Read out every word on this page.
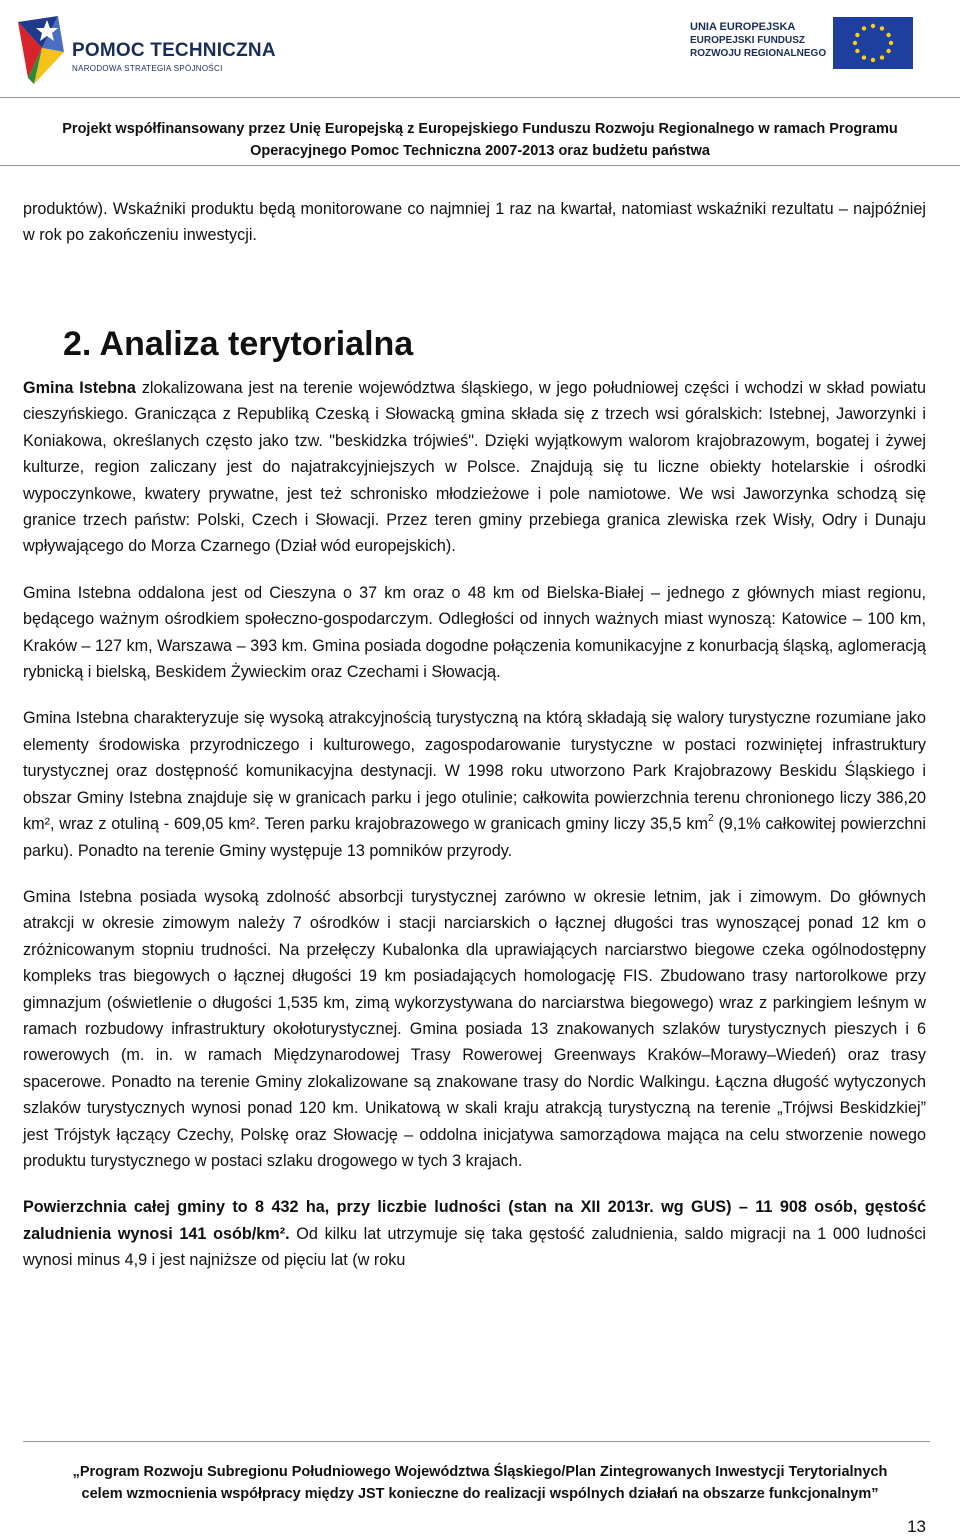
POMOC TECHNICZNA
NARODOWA STRATEGIA SPÓJNOŚCI
UNIA EUROPEJSKA
EUROPEJSKI FUNDUSZ
ROZWOJU REGIONALNEGO
Projekt współfinansowany przez Unię Europejską z Europejskiego Funduszu Rozwoju Regionalnego w ramach Programu
Operacyjnego Pomoc Techniczna 2007-2013 oraz budżetu państwa

produktów). Wskaźniki produktu będą monitorowane co najmniej 1 raz na kwartał, natomiast wskaźniki rezultatu – najpóźniej w rok po zakończeniu inwestycji.

2. Analiza terytorialna

Gmina Istebna zlokalizowana jest na terenie województwa śląskiego, w jego południowej części i wchodzi w skład powiatu cieszyńskiego. Granicząca z Republiką Czeską i Słowacką gmina składa się z trzech wsi góralskich: Istebnej, Jaworzynki i Koniakowa, określanych często jako tzw. "beskidzka trójwieś". Dzięki wyjątkowym walorom krajobrazowym, bogatej i żywej kulturze, region zaliczany jest do najatrakcyjniejszych w Polsce. Znajdują się tu liczne obiekty hotelarskie i ośrodki wypoczynkowe, kwatery prywatne, jest też schronisko młodzieżowe i pole namiotowe. We wsi Jaworzynka schodzą się granice trzech państw: Polski, Czech i Słowacji. Przez teren gminy przebiega granica zlewiska rzek Wisły, Odry i Dunaju wpływającego do Morza Czarnego (Dział wód europejskich).

Gmina Istebna oddalona jest od Cieszyna o 37 km oraz o 48 km od Bielska-Białej – jednego z głównych miast regionu, będącego ważnym ośrodkiem społeczno-gospodarczym. Odległości od innych ważnych miast wynoszą: Katowice – 100 km, Kraków – 127 km, Warszawa – 393 km. Gmina posiada dogodne połączenia komunikacyjne z konurbacją śląską, aglomeracją rybnicką i bielską, Beskidem Żywieckim oraz Czechami i Słowacją.

Gmina Istebna charakteryzuje się wysoką atrakcyjnością turystyczną na którą składają się walory turystyczne rozumiane jako elementy środowiska przyrodniczego i kulturowego, zagospodarowanie turystyczne w postaci rozwiniętej infrastruktury turystycznej oraz dostępność komunikacyjna destynacji. W 1998 roku utworzono Park Krajobrazowy Beskidu Śląskiego i obszar Gminy Istebna znajduje się w granicach parku i jego otulinie; całkowita powierzchnia terenu chronionego liczy 386,20 km², wraz z otuliną - 609,05 km². Teren parku krajobrazowego w granicach gminy liczy 35,5 $km^2$ (9,1% całkowitej powierzchni parku). Ponadto na terenie Gminy występuje 13 pomników przyrody.

Gmina Istebna posiada wysoką zdolność absorbcji turystycznej zarówno w okresie letnim, jak i zimowym. Do głównych atrakcji w okresie zimowym należy 7 ośrodków i stacji narciarskich o łącznej długości tras wynoszącej ponad 12 km o zróżnicowanym stopniu trudności. Na przełęczy Kubalonka dla uprawiających narciarstwo biegowe czeka ogólnodostępny kompleks tras biegowych o łącznej długości 19 km posiadających homologację FIS. Zbudowano trasy nartorolkowe przy gimnazjum (oświetlenie o długości 1,535 km, zimą wykorzystywana do narciarstwa biegowego) wraz z parkingiem leśnym w ramach rozbudowy infrastruktury okołoturystycznej. Gmina posiada 13 znakowanych szlaków turystycznych pieszych i 6 rowerowych (m. in. w ramach Międzynarodowej Trasy Rowerowej Greenways Kraków–Morawy–Wiedeń) oraz trasy spacerowe. Ponadto na terenie Gminy zlokalizowane są znakowane trasy do Nordic Walkingu. Łączna długość wytyczonych szlaków turystycznych wynosi ponad 120 km. Unikatową w skali kraju atrakcją turystyczną na terenie „Trójwsi Beskidzkiej” jest Trójstyk łączący Czechy, Polskę oraz Słowację – oddolna inicjatywa samorządowa mająca na celu stworzenie nowego produktu turystycznego w postaci szlaku drogowego w tych 3 krajach.

Powierzchnia całej gminy to 8 432 ha, przy liczbie ludności (stan na XII 2013r. wg GUS) – 11 908 osób, gęstość zaludnienia wynosi 141 osób/km². Od kilku lat utrzymuje się taka gęstość zaludnienia, saldo migracji na 1 000 ludności wynosi minus 4,9 i jest najniższe od pięciu lat (w roku

„Program Rozwoju Subregionu Południowego Województwa Śląskiego/Plan Zintegrowanych Inwestycji Terytorialnych
celem wzmocnienia współpracy między JST konieczne do realizacji wspólnych działań na obszarze funkcjonalnym”
13
